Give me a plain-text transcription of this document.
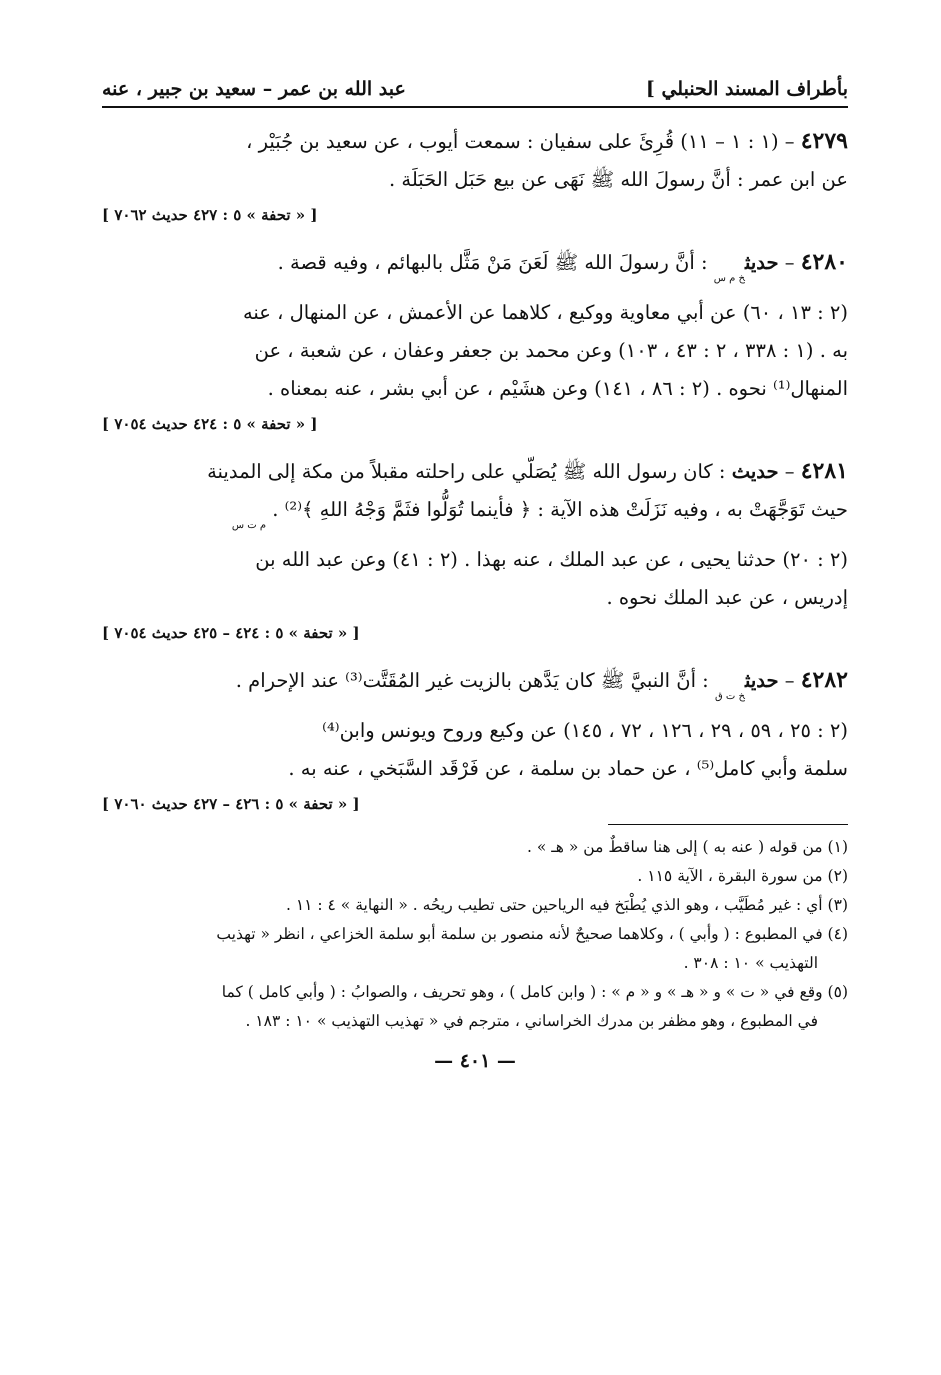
بأطراف المسند الحنبلي ]
عبد الله بن عمر – سعيد بن جبير ، عنه
٤٢٧٩ – (١ : ١ – ١١) قُرِئَ على سفيان : سمعت أيوب ، عن سعيد بن جُبَيْر ،
عن ابن عمر : أنَّ رسولَ الله ﷺ نَهَى عن بيع حَبَل الحَبَلَة .
[ « تحفة » ٥ : ٤٢٧ حديث ٧٠٦٢ ]
٤٢٨٠ – حديث$_{خ م س}$ : أنَّ رسولَ الله ﷺ لَعَنَ مَنْ مَثَّل بالبهائم ، وفيه قصة .
(٢ : ١٣ ، ٦٠) عن أبي معاوية ووكيع ، كلاهما عن الأعمش ، عن المنهال ، عنه
به . (١ : ٣٣٨ ، ٢ : ٤٣ ، ١٠٣) وعن محمد بن جعفر وعفان ، عن شعبة ، عن
المنهال⁽¹⁾ نحوه . (٢ : ٨٦ ، ١٤١) وعن هشَيْم ، عن أبي بشر ، عنه بمعناه .
[ « تحفة » ٥ : ٤٢٤ حديث ٧٠٥٤ ]
٤٢٨١ – حديث : كان رسول الله ﷺ يُصَلّي على راحلته مقبلاً من مكة إلى المدينة
حيث تَوَجَّهَتْ به ، وفيه نَزَلَتْ هذه الآية : ﴿ فأينما تُوَلُّوا فثَمَّ وَجْهُ اللهِ ﴾⁽²⁾ . $_{م ت س}$
(٢ : ٢٠) حدثنا يحيى ، عن عبد الملك ، عنه بهذا . (٢ : ٤١) وعن عبد الله بن
إدريس ، عن عبد الملك نحوه .
[ « تحفة » ٥ : ٤٢٤ – ٤٢٥ حديث ٧٠٥٤ ]
٤٢٨٢ – حديث$_{خ ت ق}$ : أنَّ النبيَّ ﷺ كان يَدَّهن بالزيت غير المُقَتَّت⁽³⁾ عند الإحرام .
(٢ : ٢٥ ، ٥٩ ، ٢٩ ، ١٢٦ ، ٧٢ ، ١٤٥) عن وكيع وروح ويونس وابن⁽⁴⁾
سلمة وأبي كامل⁽⁵⁾ ، عن حماد بن سلمة ، عن فَرْقَد السَّبَخي ، عنه به .
[ « تحفة » ٥ : ٤٢٦ – ٤٢٧ حديث ٧٠٦٠ ]
(١) من قوله ( عنه به ) إلى هنا ساقطٌ من « هـ » .
(٢) من سورة البقرة ، الآية ١١٥ .
(٣) أي : غير مُطَيَّب ، وهو الذي يُطْبَخ فيه الرياحين حتى تطيب ريحُه . « النهاية » ٤ : ١١ .
(٤) في المطبوع : ( وأبي ) ، وكلاهما صحيحٌ لأنه منصور بن سلمة أبو سلمة الخزاعي ، انظر « تهذيب
التهذيب » ١٠ : ٣٠٨ .
(٥) وقع في « ت » و « هـ » و « م » : ( وابن كامل ) ، وهو تحريف ، والصوابُ : ( وأبي كامل ) كما
في المطبوع ، وهو مظفر بن مدرك الخراساني ، مترجم في « تهذيب التهذيب » ١٠ : ١٨٣ .
— ٤٠١ —
